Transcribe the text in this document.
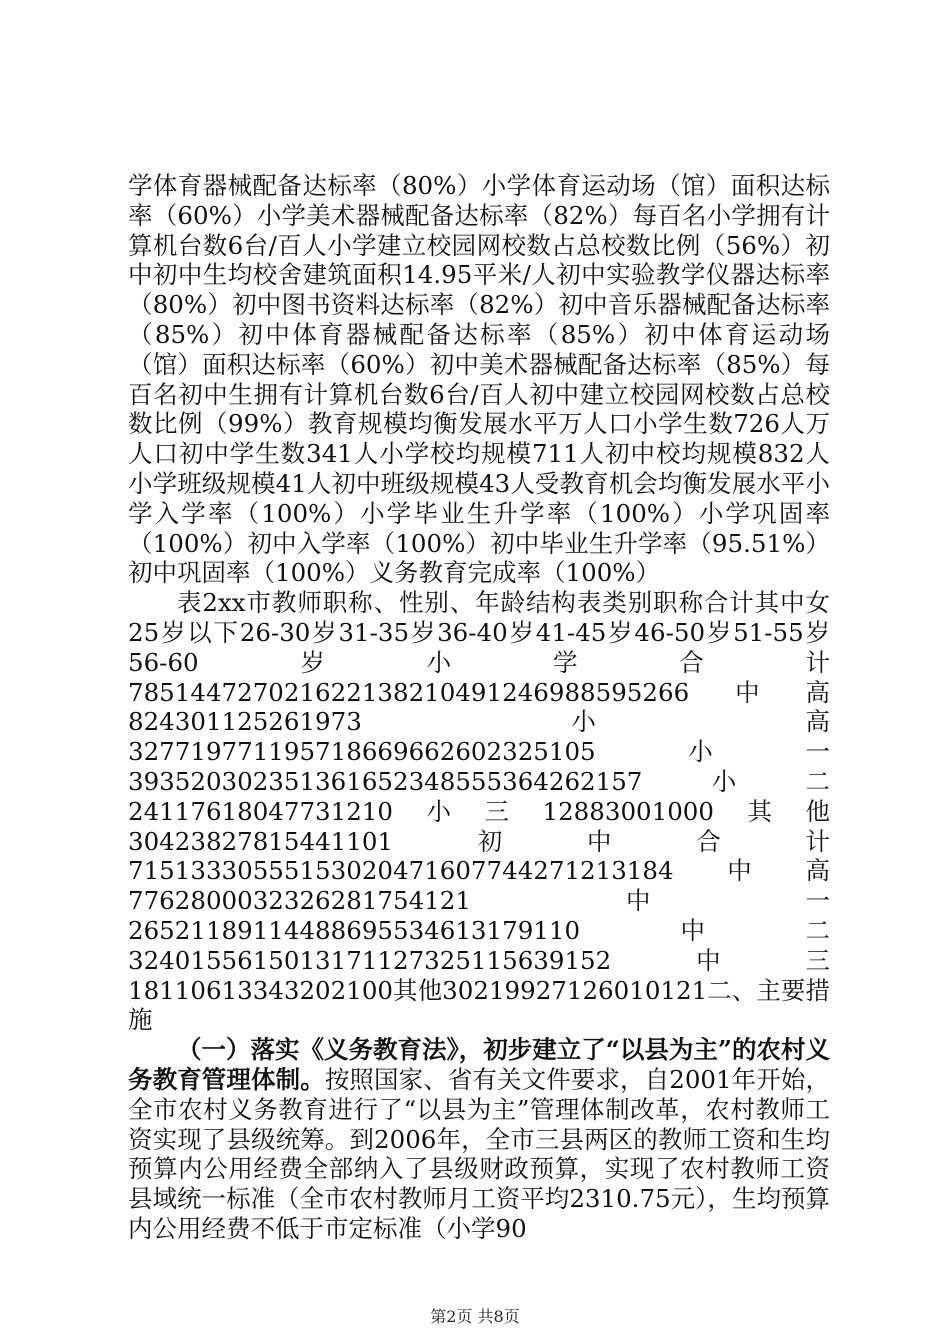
学体育器械配备达标率（80%）小学体育运动场（馆）面积达标率（60%）小学美术器械配备达标率（82%）每百名小学拥有计算机台数6台/百人小学建立校园网校数占总校数比例（56%）初中初中生均校舍建筑面积14.95平米/人初中实验教学仪器达标率（80%）初中图书资料达标率（82%）初中音乐器械配备达标率（85%）初中体育器械配备达标率（85%）初中体育运动场（馆）面积达标率（60%）初中美术器械配备达标率（85%）每百名初中生拥有计算机台数6台/百人初中建立校园网校数占总校数比例（99%）教育规模均衡发展水平万人口小学生数726人万人口初中学生数341人小学校均规模711人初中校均规模832人小学班级规模41人初中班级规模43人受教育机会均衡发展水平小学入学率（100%）小学毕业生升学率（100%）小学巩固率（100%）初中入学率（100%）初中毕业生升学率（95.51%）初中巩固率（100%）义务教育完成率（100%）

表2xx市教师职称、性别、年龄结构表类别职称合计其中女25岁以下26-30岁31-35岁36-40岁41-45岁46-50岁51-55岁56-60岁小学合计7851447270216221382104912469885952​66中高824301125261973小高3277197711957186696626023251​05小一39352030235136165234855536426215​7小二24117618047731210小三12883001000其他30423827815441101初中合计71513330555153020471607744271213184中高776280003232628175​4121中一26521189114488695534613179110中二32401556150131711273251156391​52中三18110613343202100其他30219927126010121二、主要措施

（一）落实《义务教育法》，初步建立了“以县为主”的农村义务教育管理体制。按照国家、省有关文件要求，自2001年开始，全市农村义务教育进行了“以县为主”管理体制改革，农村教师工资实现了县级统筹。到2006年，全市三县两区的教师工资和生均预算内公用经费全部纳入了县级财政预算，实现了农村教师工资县域统一标准（全市农村教师月工资平均2310.75元），生均预算内公用经费不低于市定标准（小学90

第2页 共8页
